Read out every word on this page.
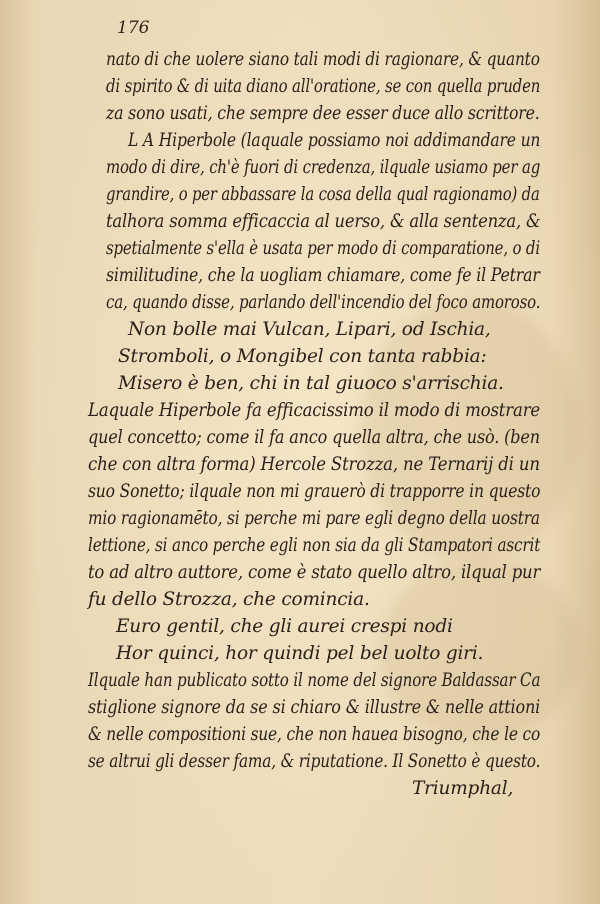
176
nato di che uolere siano tali modi di ragionare, & quanto
di spirito & di uita diano all'oratione, se con quella pruden
za sono usati, che sempre dee esser duce allo scrittore.
L A Hiperbole (laquale possiamo noi addimandare un
modo di dire, ch'è fuori di credenza, ilquale usiamo per ag
grandire, o per abbassare la cosa della qual ragionamo) da
talhora somma efficaccia al uerso, & alla sentenza, &
spetialmente s'ella è usata per modo di comparatione, o di
similitudine, che la uogliam chiamare, come fe il Petrar
ca, quando disse, parlando dell'incendio del foco amoroso.
Non bolle mai Vulcan, Lipari, od Ischia,
Stromboli, o Mongibel con tanta rabbia:
Misero è ben, chi in tal giuoco s'arrischia.
Laquale Hiperbole fa efficacissimo il modo di mostrare
quel concetto; come il fa anco quella altra, che usò. (ben
che con altra forma) Hercole Strozza, ne Ternarij di un
suo Sonetto; ilquale non mi grauerò di trapporre in questo
mio ragionamēto, si perche mi pare egli degno della uostra
lettione, si anco perche egli non sia da gli Stampatori ascrit
to ad altro auttore, come è stato quello altro, ilqual pur
fu dello Strozza, che comincia.
Euro gentil, che gli aurei crespi nodi
Hor quinci, hor quindi pel bel uolto giri.
Ilquale han publicato sotto il nome del signore Baldassar Ca
stiglione signore da se si chiaro & illustre & nelle attioni
& nelle compositioni sue, che non hauea bisogno, che le co
se altrui gli desser fama, & riputatione. Il Sonetto è questo.
Triumphal,
